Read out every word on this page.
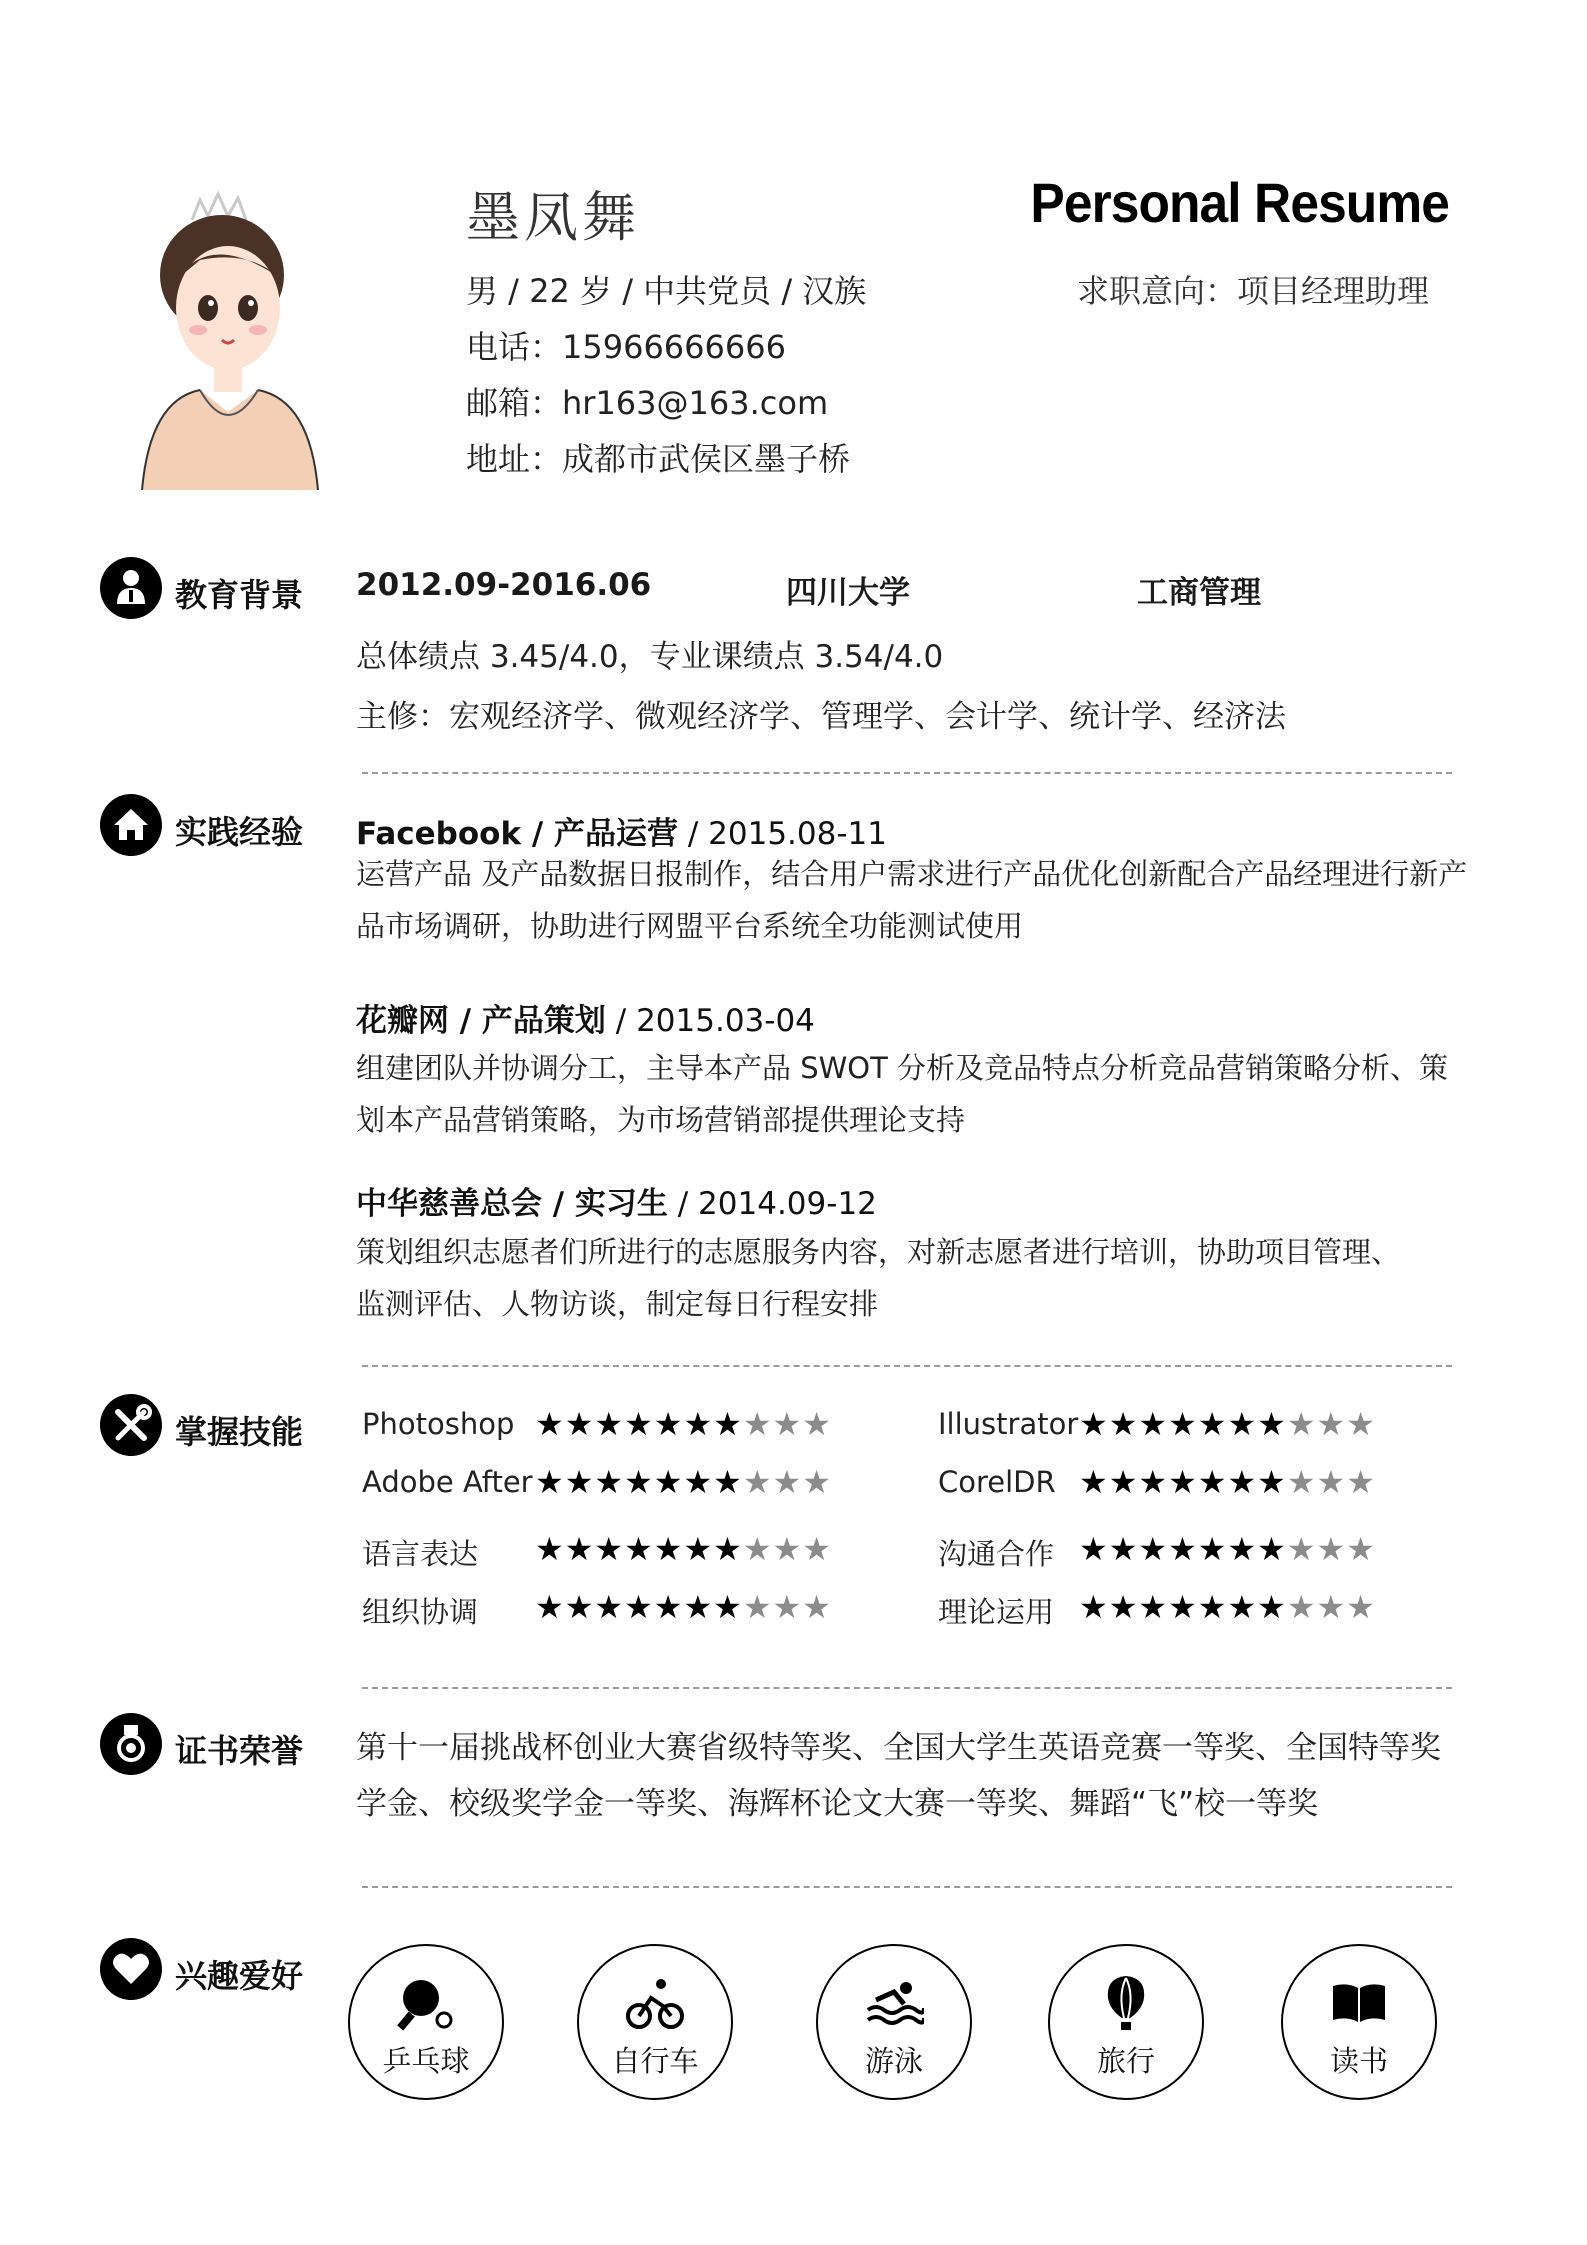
墨凤舞	Personal Resume
求职意向：项目经理助理
男 / 22 岁 / 中共党员 / 汉族
电话：15966666666
邮箱：hr163@163.com
地址：成都市武侯区墨子桥
教育背景 2012.09-2016.06	四川大学	工商管理
总体绩点 3.45/4.0，专业课绩点 3.54/4.0
主修：宏观经济学、微观经济学、管理学、会计学、统计学、经济法
实践经验 Facebook / 产品运营 / 2015.08-11
运营产品 及产品数据日报制作，结合用户需求进行产品优化创新配合产品经理进行新产品市场调研，协助进行网盟平台系统全功能测试使用
花瓣网 / 产品策划 / 2015.03-04
组建团队并协调分工，主导本产品 SWOT 分析及竞品特点分析竞品营销策略分析、策划本产品营销策略，为市场营销部提供理论支持
中华慈善总会 / 实习生 / 2014.09-12
策划组织志愿者们所进行的志愿服务内容，对新志愿者进行培训，协助项目管理、监测评估、人物访谈，制定每日行程安排
掌握技能 Photoshop ★★★★★★★★★★	Illustrator ★★★★★★★★★★
Adobe After ★★★★★★★★★★	CorelDR ★★★★★★★★★★
语言表达 ★★★★★★★★★★	沟通合作 ★★★★★★★★★★
组织协调 ★★★★★★★★★★	理论运用 ★★★★★★★★★★
证书荣誉 第十一届挑战杯创业大赛省级特等奖、全国大学生英语竞赛一等奖、全国特等奖学金、校级奖学金一等奖、海辉杯论文大赛一等奖、舞蹈“飞”校一等奖
兴趣爱好
乒乓球	自行车	游泳	旅行	读书
